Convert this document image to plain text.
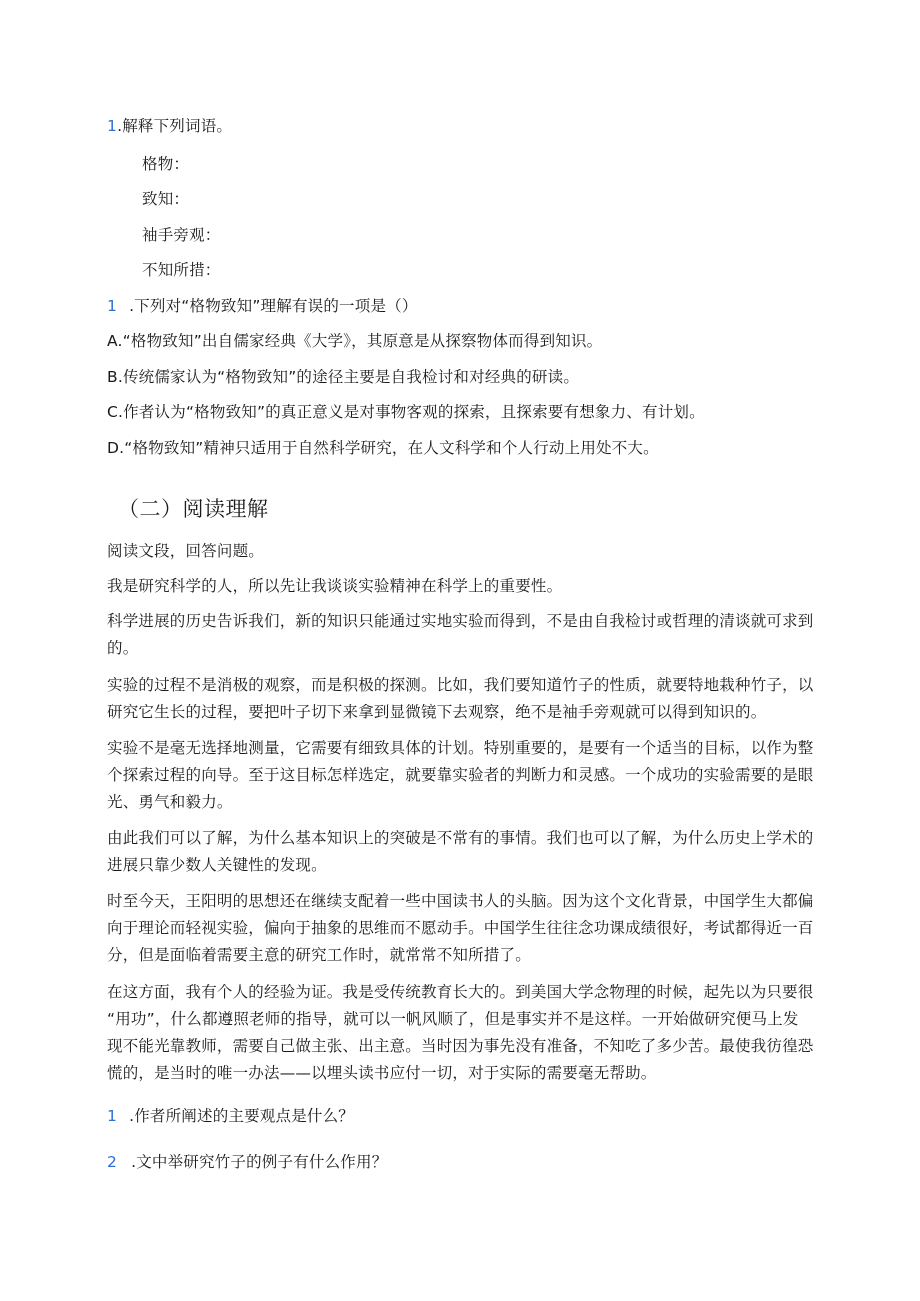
1.解释下列词语。
格物：
致知：
袖手旁观：
不知所措：
1 .下列对“格物致知”理解有误的一项是（）
A.“格物致知”出自儒家经典《大学》，其原意是从探察物体而得到知识。
B.传统儒家认为“格物致知”的途径主要是自我检讨和对经典的研读。
C.作者认为“格物致知”的真正意义是对事物客观的探索，且探索要有想象力、有计划。
D.“格物致知”精神只适用于自然科学研究，在人文科学和个人行动上用处不大。
（二）阅读理解
阅读文段，回答问题。
我是研究科学的人，所以先让我谈谈实验精神在科学上的重要性。
科学进展的历史告诉我们，新的知识只能通过实地实验而得到，不是由自我检讨或哲理的清谈就可求到
的。
实验的过程不是消极的观察，而是积极的探测。比如，我们要知道竹子的性质，就要特地栽种竹子，以
研究它生长的过程，要把叶子切下来拿到显微镜下去观察，绝不是袖手旁观就可以得到知识的。
实验不是毫无选择地测量，它需要有细致具体的计划。特别重要的，是要有一个适当的目标，以作为整
个探索过程的向导。至于这目标怎样选定，就要靠实验者的判断力和灵感。一个成功的实验需要的是眼
光、勇气和毅力。
由此我们可以了解，为什么基本知识上的突破是不常有的事情。我们也可以了解，为什么历史上学术的
进展只靠少数人关键性的发现。
时至今天，王阳明的思想还在继续支配着一些中国读书人的头脑。因为这个文化背景，中国学生大都偏
向于理论而轻视实验，偏向于抽象的思维而不愿动手。中国学生往往念功课成绩很好，考试都得近一百
分，但是面临着需要主意的研究工作时，就常常不知所措了。
在这方面，我有个人的经验为证。我是受传统教育长大的。到美国大学念物理的时候，起先以为只要很
“用功”，什么都遵照老师的指导，就可以一帆风顺了，但是事实并不是这样。一开始做研究便马上发
现不能光靠教师，需要自己做主张、出主意。当时因为事先没有准备，不知吃了多少苦。最使我彷徨恐
慌的，是当时的唯一办法——以埋头读书应付一切，对于实际的需要毫无帮助。
1 .作者所阐述的主要观点是什么？
2 .文中举研究竹子的例子有什么作用？
